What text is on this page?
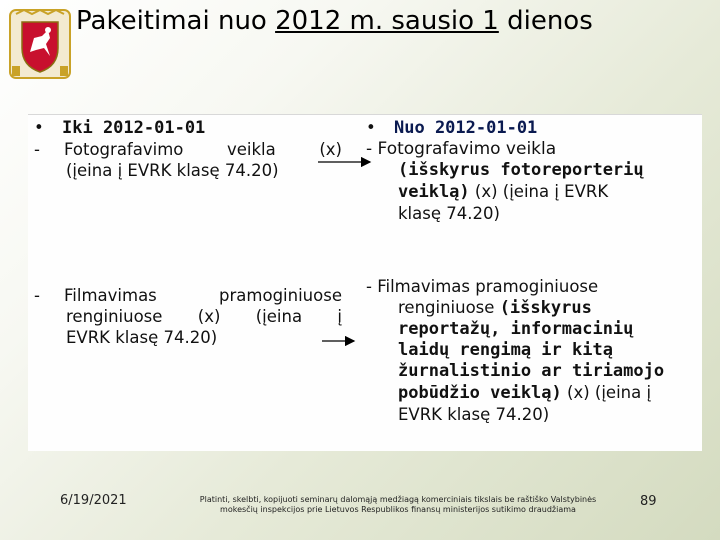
Pakeitimai nuo 2012 m. sausio 1 dienos
• Iki 2012-01-01
- Fotografavimo veikla (x)
(įeina į EVRK klasę 74.20)
-	Filmavimas pramoginiuose
renginiuose (x) (įeina į
EVRK klasę 74.20)
• Nuo 2012-01-01
- Fotografavimo veikla
(išskyrus fotoreporterių
veiklą) (x) (įeina į EVRK
klasę 74.20)
- Filmavimas pramoginiuose
renginiuose (išskyrus
reportažų, informacinių
laidų rengimą ir kitą
žurnalistinio ar tiriamojo
pobūdžio veiklą) (x) (įeina į
EVRK klasę 74.20)
6/19/2021	Platinti, skelbti, kopijuoti seminarų dalomąją medžiagą komerciniais tikslais be raštiško Valstybinės
mokesčių inspekcijos prie Lietuvos Respublikos finansų ministerijos sutikimo draudžiama
89
